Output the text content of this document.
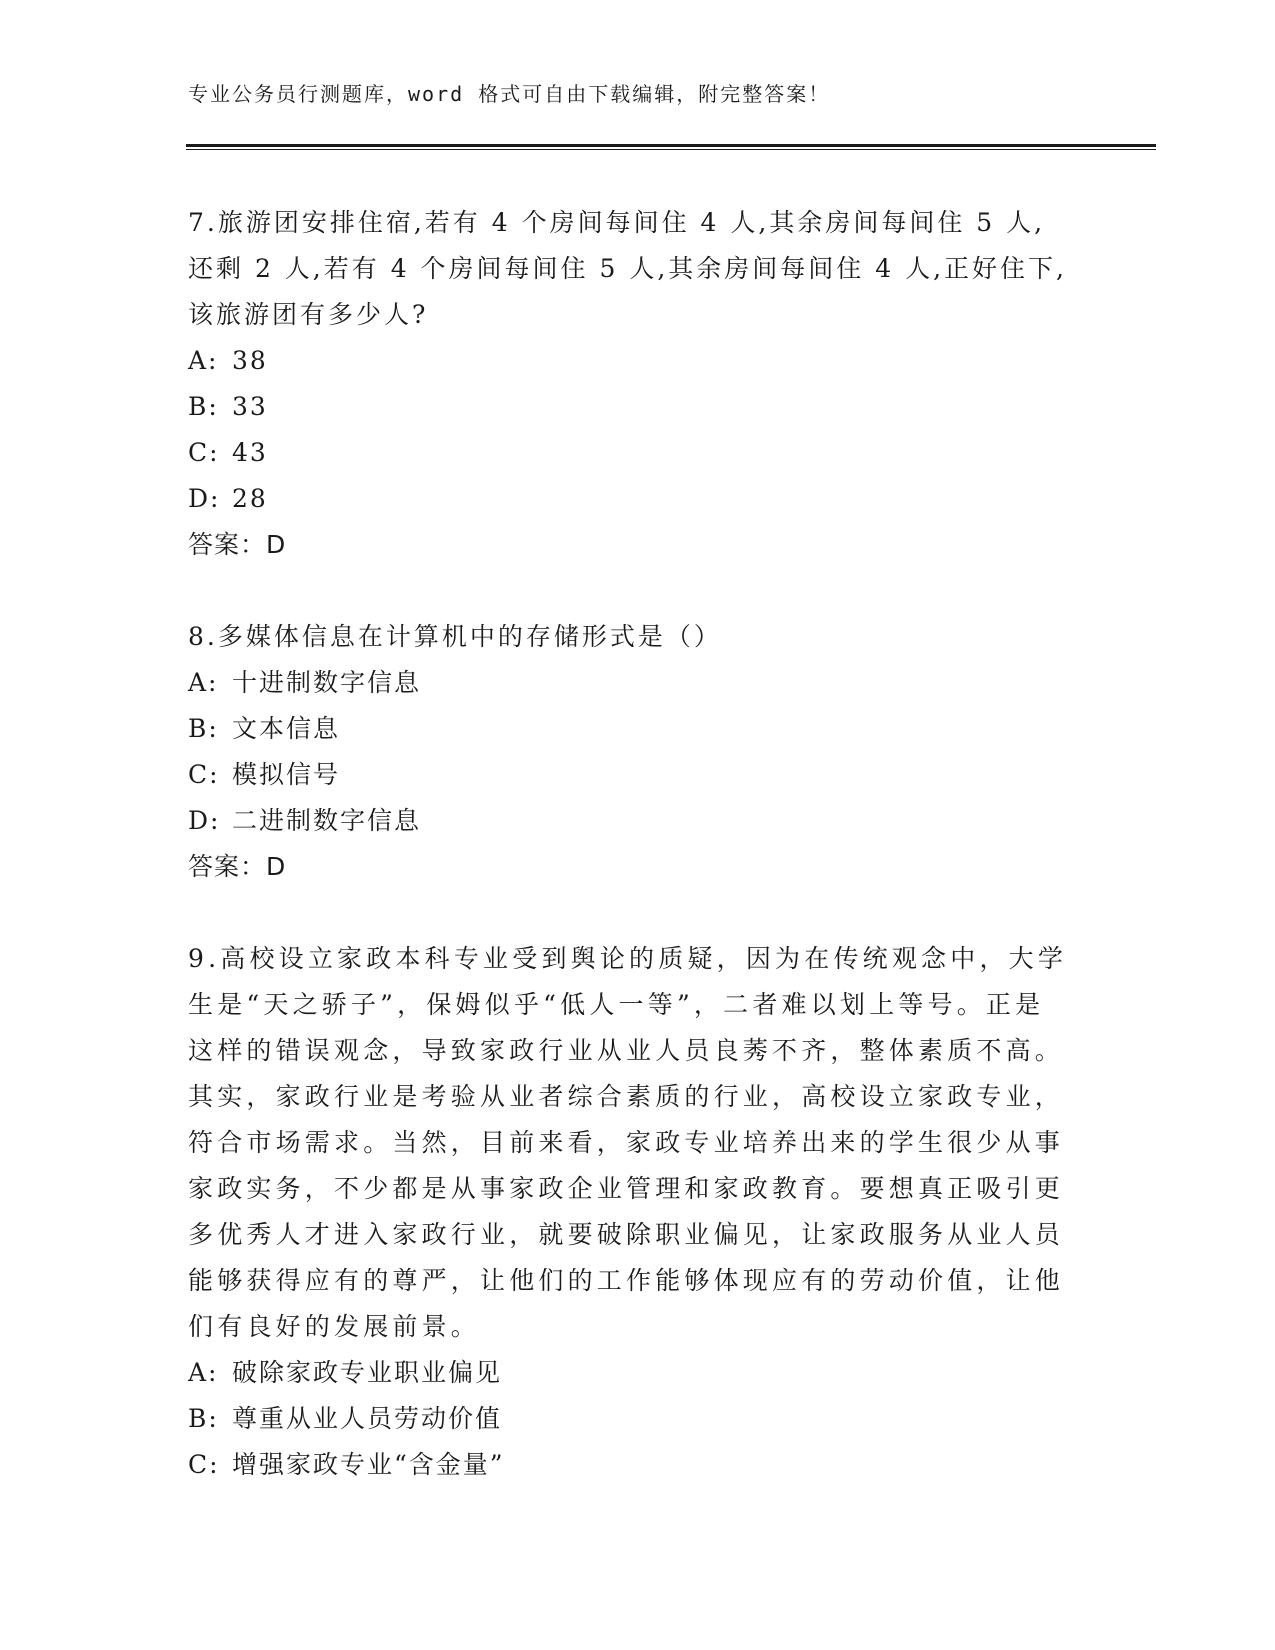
专业公务员行测题库，word 格式可自由下载编辑，附完整答案！

7.旅游团安排住宿,若有 4 个房间每间住 4 人,其余房间每间住 5 人,还剩 2 人,若有 4 个房间每间住 5 人,其余房间每间住 4 人,正好住下,该旅游团有多少人?

A: 38

B: 33

C: 43

D: 28

答案：D

8.多媒体信息在计算机中的存储形式是（）

A: 十进制数字信息

B: 文本信息

C: 模拟信号

D: 二进制数字信息

答案：D

9.高校设立家政本科专业受到舆论的质疑，因为在传统观念中，大学生是“天之骄子”，保姆似乎“低人一等”，二者难以划上等号。正是这样的错误观念，导致家政行业从业人员良莠不齐，整体素质不高。其实，家政行业是考验从业者综合素质的行业，高校设立家政专业，符合市场需求。当然，目前来看，家政专业培养出来的学生很少从事家政实务，不少都是从事家政企业管理和家政教育。要想真正吸引更多优秀人才进入家政行业，就要破除职业偏见，让家政服务从业人员能够获得应有的尊严，让他们的工作能够体现应有的劳动价值，让他们有良好的发展前景。

A: 破除家政专业职业偏见

B: 尊重从业人员劳动价值

C: 增强家政专业“含金量”
